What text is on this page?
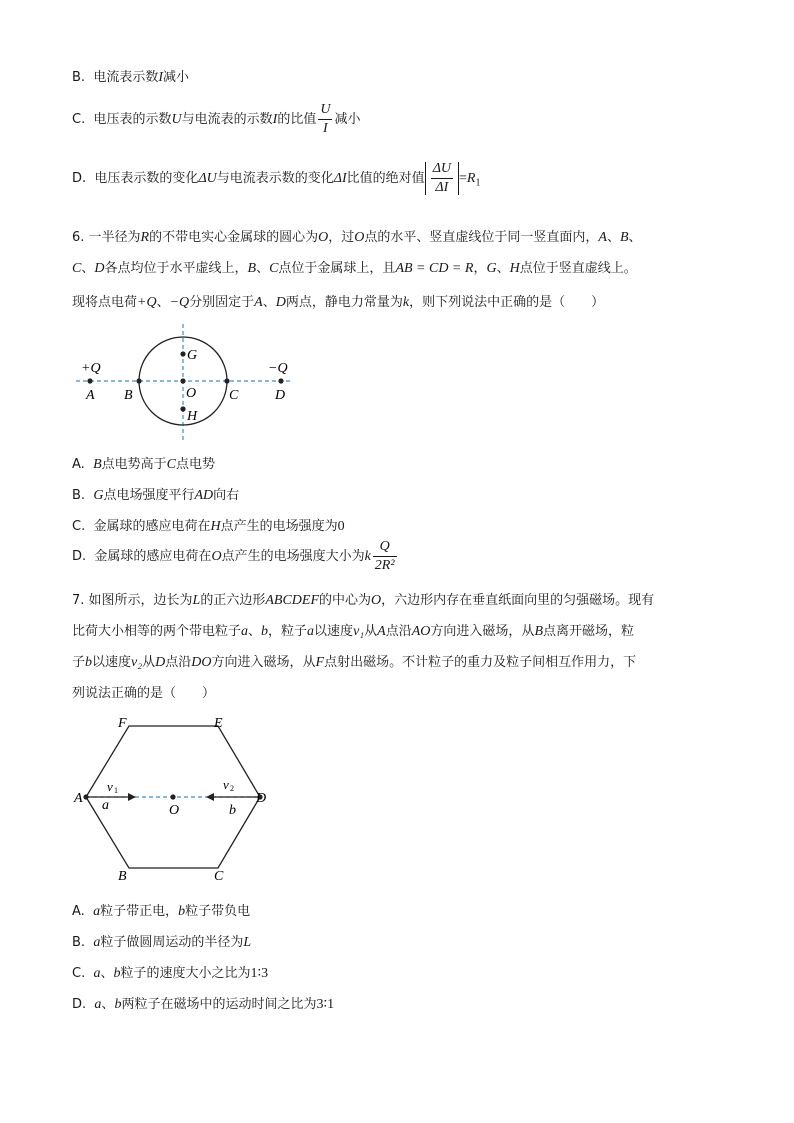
B. 电流表示数I减小
C. 电压表的示数U与电流表的示数I的比值 $\frac{U}{I}$ 减小
D. 电压表示数的变化ΔU与电流表示数的变化ΔI比值的绝对值 $\frac{\Delta U}{\Delta I} =R_1$
6. 一半径为R的不带电实心金属球的圆心为O，过O点的水平、竖直虚线位于同一竖直面内，A、B、
C、D各点均位于水平虚线上，B、C点位于金属球上，且AB = CD = R，G、H点位于竖直虚线上。
现将点电荷+Q、−Q分别固定于A、D两点，静电力常量为k，则下列说法中正确的是（　　）
+Q	−Q
A B	O C	D
G
H
A. B点电势高于C点电势
B. G点电场强度平行AD向右
C. 金属球的感应电荷在H点产生的电场强度为0
D. 金属球的感应电荷在O点产生的电场强度大小为k $\frac{Q}{\text{2R²}}$
7. 如图所示，边长为L的正六边形ABCDEF的中心为O，六边形内存在垂直纸面向里的匀强磁场。现有
比荷大小相等的两个带电粒子a、b，粒子a以速度v₁从A点沿AO方向进入磁场，从B点离开磁场，粒
子b以速度v₂从D点沿DO方向进入磁场，从F点射出磁场。不计粒子的重力及粒子间相互作用力，下
列说法正确的是（　　）
F	E
A	D
B	C
O
a	b
v 1	v 2
A. a粒子带正电，b粒子带负电
B. a粒子做圆周运动的半径为L
C. a、b粒子的速度大小之比为1∶3
D. a、b两粒子在磁场中的运动时间之比为3∶1
